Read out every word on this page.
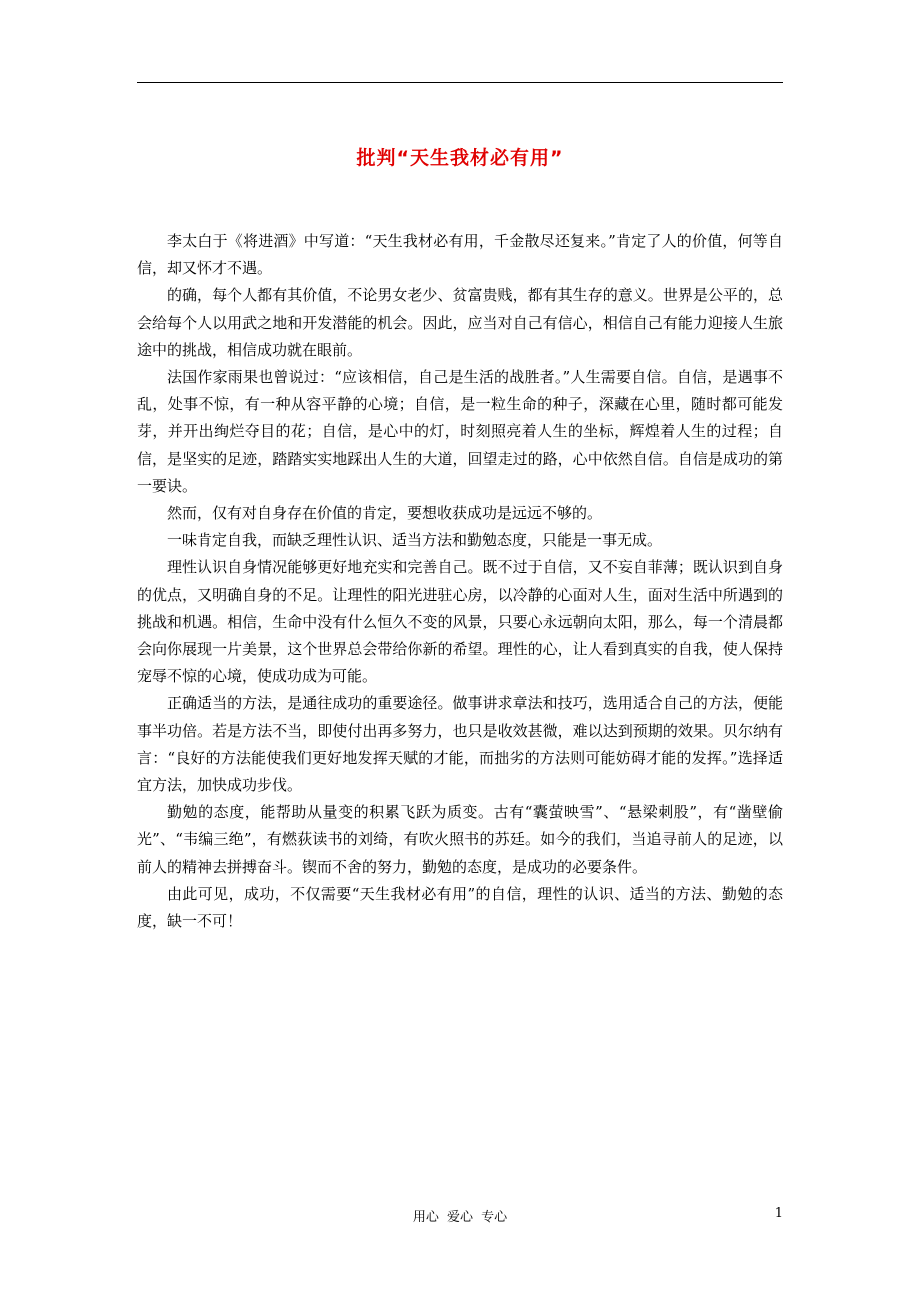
批判“天生我材必有用”

李太白于《将进酒》中写道：“天生我材必有用，千金散尽还复来。”肯定了人的价值，何等自信，却又怀才不遇。

的确，每个人都有其价值，不论男女老少、贫富贵贱，都有其生存的意义。世界是公平的，总会给每个人以用武之地和开发潜能的机会。因此，应当对自己有信心，相信自己有能力迎接人生旅途中的挑战，相信成功就在眼前。

法国作家雨果也曾说过：“应该相信，自己是生活的战胜者。”人生需要自信。自信，是遇事不乱，处事不惊，有一种从容平静的心境；自信，是一粒生命的种子，深藏在心里，随时都可能发芽，并开出绚烂夺目的花；自信，是心中的灯，时刻照亮着人生的坐标，辉煌着人生的过程；自信，是坚实的足迹，踏踏实实地踩出人生的大道，回望走过的路，心中依然自信。自信是成功的第一要诀。

然而，仅有对自身存在价值的肯定，要想收获成功是远远不够的。

一味肯定自我，而缺乏理性认识、适当方法和勤勉态度，只能是一事无成。

理性认识自身情况能够更好地充实和完善自己。既不过于自信，又不妄自菲薄；既认识到自身的优点，又明确自身的不足。让理性的阳光进驻心房，以冷静的心面对人生，面对生活中所遇到的挑战和机遇。相信，生命中没有什么恒久不变的风景，只要心永远朝向太阳，那么，每一个清晨都会向你展现一片美景，这个世界总会带给你新的希望。理性的心，让人看到真实的自我，使人保持宠辱不惊的心境，使成功成为可能。

正确适当的方法，是通往成功的重要途径。做事讲求章法和技巧，选用适合自己的方法，便能事半功倍。若是方法不当，即使付出再多努力，也只是收效甚微，难以达到预期的效果。贝尔纳有言：“良好的方法能使我们更好地发挥天赋的才能，而拙劣的方法则可能妨碍才能的发挥。”选择适宜方法，加快成功步伐。

勤勉的态度，能帮助从量变的积累飞跃为质变。古有“囊萤映雪”、“悬梁刺股”，有“凿壁偷光”、“韦编三绝”，有燃荻读书的刘绮，有吹火照书的苏廷。如今的我们，当追寻前人的足迹，以前人的精神去拼搏奋斗。锲而不舍的努力，勤勉的态度，是成功的必要条件。

由此可见，成功，不仅需要“天生我材必有用”的自信，理性的认识、适当的方法、勤勉的态度，缺一不可！

用心 爱心 专心	1
